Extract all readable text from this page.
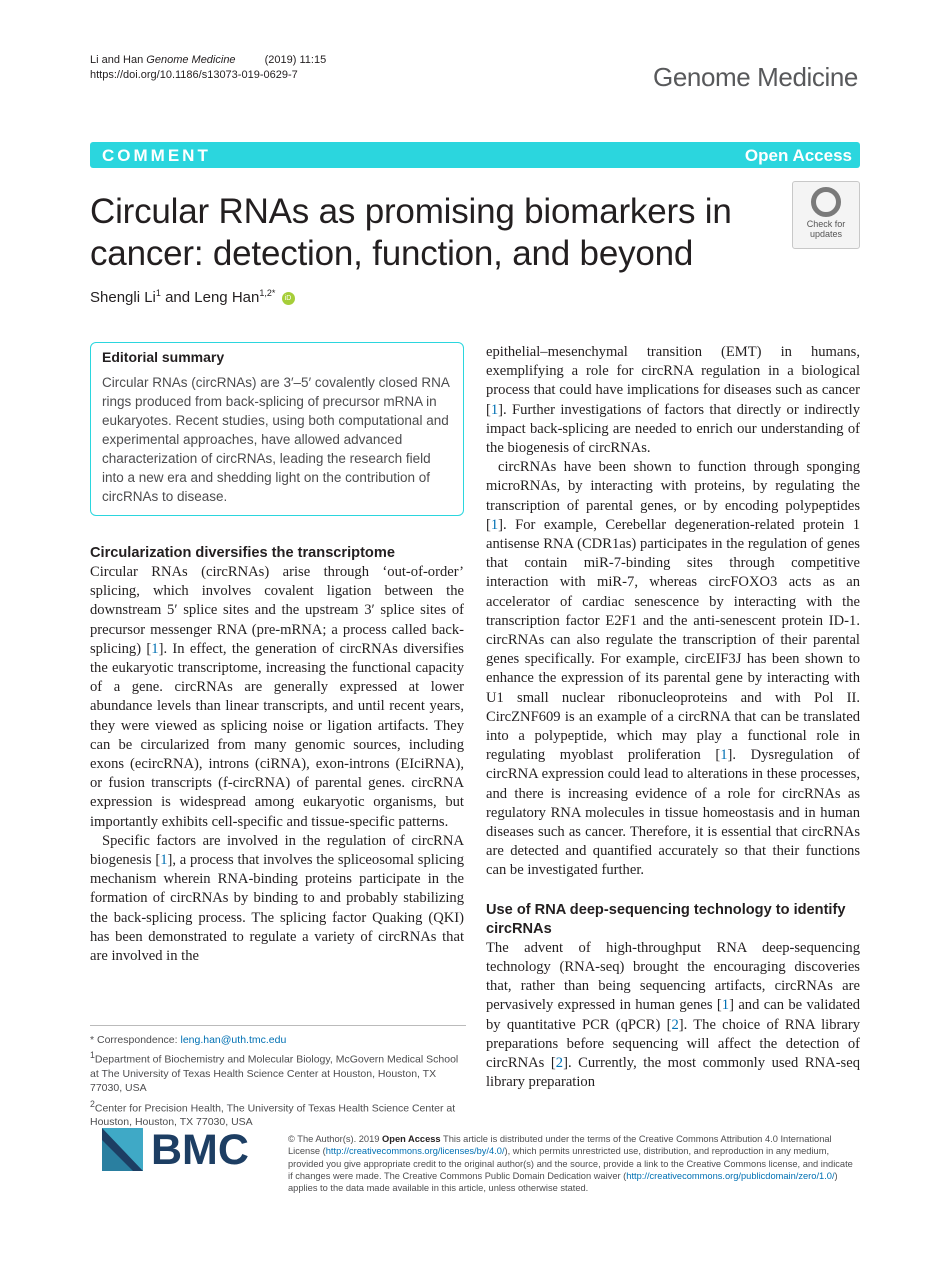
Li and Han Genome Medicine	(2019) 11:15
https://doi.org/10.1186/s13073-019-0629-7	Genome Medicine
COMMENT	Open Access
Circular RNAs as promising biomarkers in cancer: detection, function, and beyond
Check for
updates
Shengli Li$^1$ and Leng Han$^{1,2*}$ iD
Editorial summary

Circular RNAs (circRNAs) are 3′–5′ covalently closed RNA rings produced from back-splicing of precursor mRNA in eukaryotes. Recent studies, using both computational and experimental approaches, have allowed advanced characterization of circRNAs, leading the research field into a new era and shedding light on the contribution of circRNAs to disease.

Circularization diversifies the transcriptome

Circular RNAs (circRNAs) arise through ‘out-of-order’ splicing, which involves covalent ligation between the downstream 5′ splice sites and the upstream 3′ splice sites of precursor messenger RNA (pre-mRNA; a process called back-splicing) [1]. In effect, the generation of circRNAs diversifies the eukaryotic transcriptome, increasing the functional capacity of a gene. circRNAs are generally expressed at lower abundance levels than linear transcripts, and until recent years, they were viewed as splicing noise or ligation artifacts. They can be circularized from many genomic sources, including exons (ecircRNA), introns (ciRNA), exon-introns (EIciRNA), or fusion transcripts (f-circRNA) of parental genes. circRNA expression is widespread among eukaryotic organisms, but importantly exhibits cell-specific and tissue-specific patterns.

Specific factors are involved in the regulation of circRNA biogenesis [1], a process that involves the spliceosomal splicing mechanism wherein RNA-binding proteins participate in the formation of circRNAs by binding to and probably stabilizing the back-splicing process. The splicing factor Quaking (QKI) has been demonstrated to regulate a variety of circRNAs that are involved in the

epithelial–mesenchymal transition (EMT) in humans, exemplifying a role for circRNA regulation in a biological process that could have implications for diseases such as cancer [1]. Further investigations of factors that directly or indirectly impact back-splicing are needed to enrich our understanding of the biogenesis of circRNAs.

circRNAs have been shown to function through sponging microRNAs, by interacting with proteins, by regulating the transcription of parental genes, or by encoding polypeptides [1]. For example, Cerebellar degeneration-related protein 1 antisense RNA (CDR1as) participates in the regulation of genes that contain miR-7-binding sites through competitive interaction with miR-7, whereas circFOXO3 acts as an accelerator of cardiac senescence by interacting with the transcription factor E2F1 and the anti-senescent protein ID-1. circRNAs can also regulate the transcription of their parental genes specifically. For example, circEIF3J has been shown to enhance the expression of its parental gene by interacting with U1 small nuclear ribonucleoproteins and with Pol II. CircZNF609 is an example of a circRNA that can be translated into a polypeptide, which may play a functional role in regulating myoblast proliferation [1]. Dysregulation of circRNA expression could lead to alterations in these processes, and there is increasing evidence of a role for circRNAs as regulatory RNA molecules in tissue homeostasis and in human diseases such as cancer. Therefore, it is essential that circRNAs are detected and quantified accurately so that their functions can be investigated further.

Use of RNA deep-sequencing technology to identify circRNAs

The advent of high-throughput RNA deep-sequencing technology (RNA-seq) brought the encouraging discoveries that, rather than being sequencing artifacts, circRNAs are pervasively expressed in human genes [1] and can be validated by quantitative PCR (qPCR) [2]. The choice of RNA library preparations before sequencing will affect the detection of circRNAs [2]. Currently, the most commonly used RNA-seq library preparation

* Correspondence: leng.han@uth.tmc.edu

$^1$Department of Biochemistry and Molecular Biology, McGovern Medical School at The University of Texas Health Science Center at Houston, Houston, TX 77030, USA

$^2$Center for Precision Health, The University of Texas Health Science Center at Houston, Houston, TX 77030, USA

BMC	© The Author(s). 2019 Open Access This article is distributed under the terms of the Creative Commons Attribution 4.0 International License (http://creativecommons.org/licenses/by/4.0/), which permits unrestricted use, distribution, and reproduction in any medium, provided you give appropriate credit to the original author(s) and the source, provide a link to the Creative Commons license, and indicate if changes were made. The Creative Commons Public Domain Dedication waiver (http://creativecommons.org/publicdomain/zero/1.0/) applies to the data made available in this article, unless otherwise stated.
